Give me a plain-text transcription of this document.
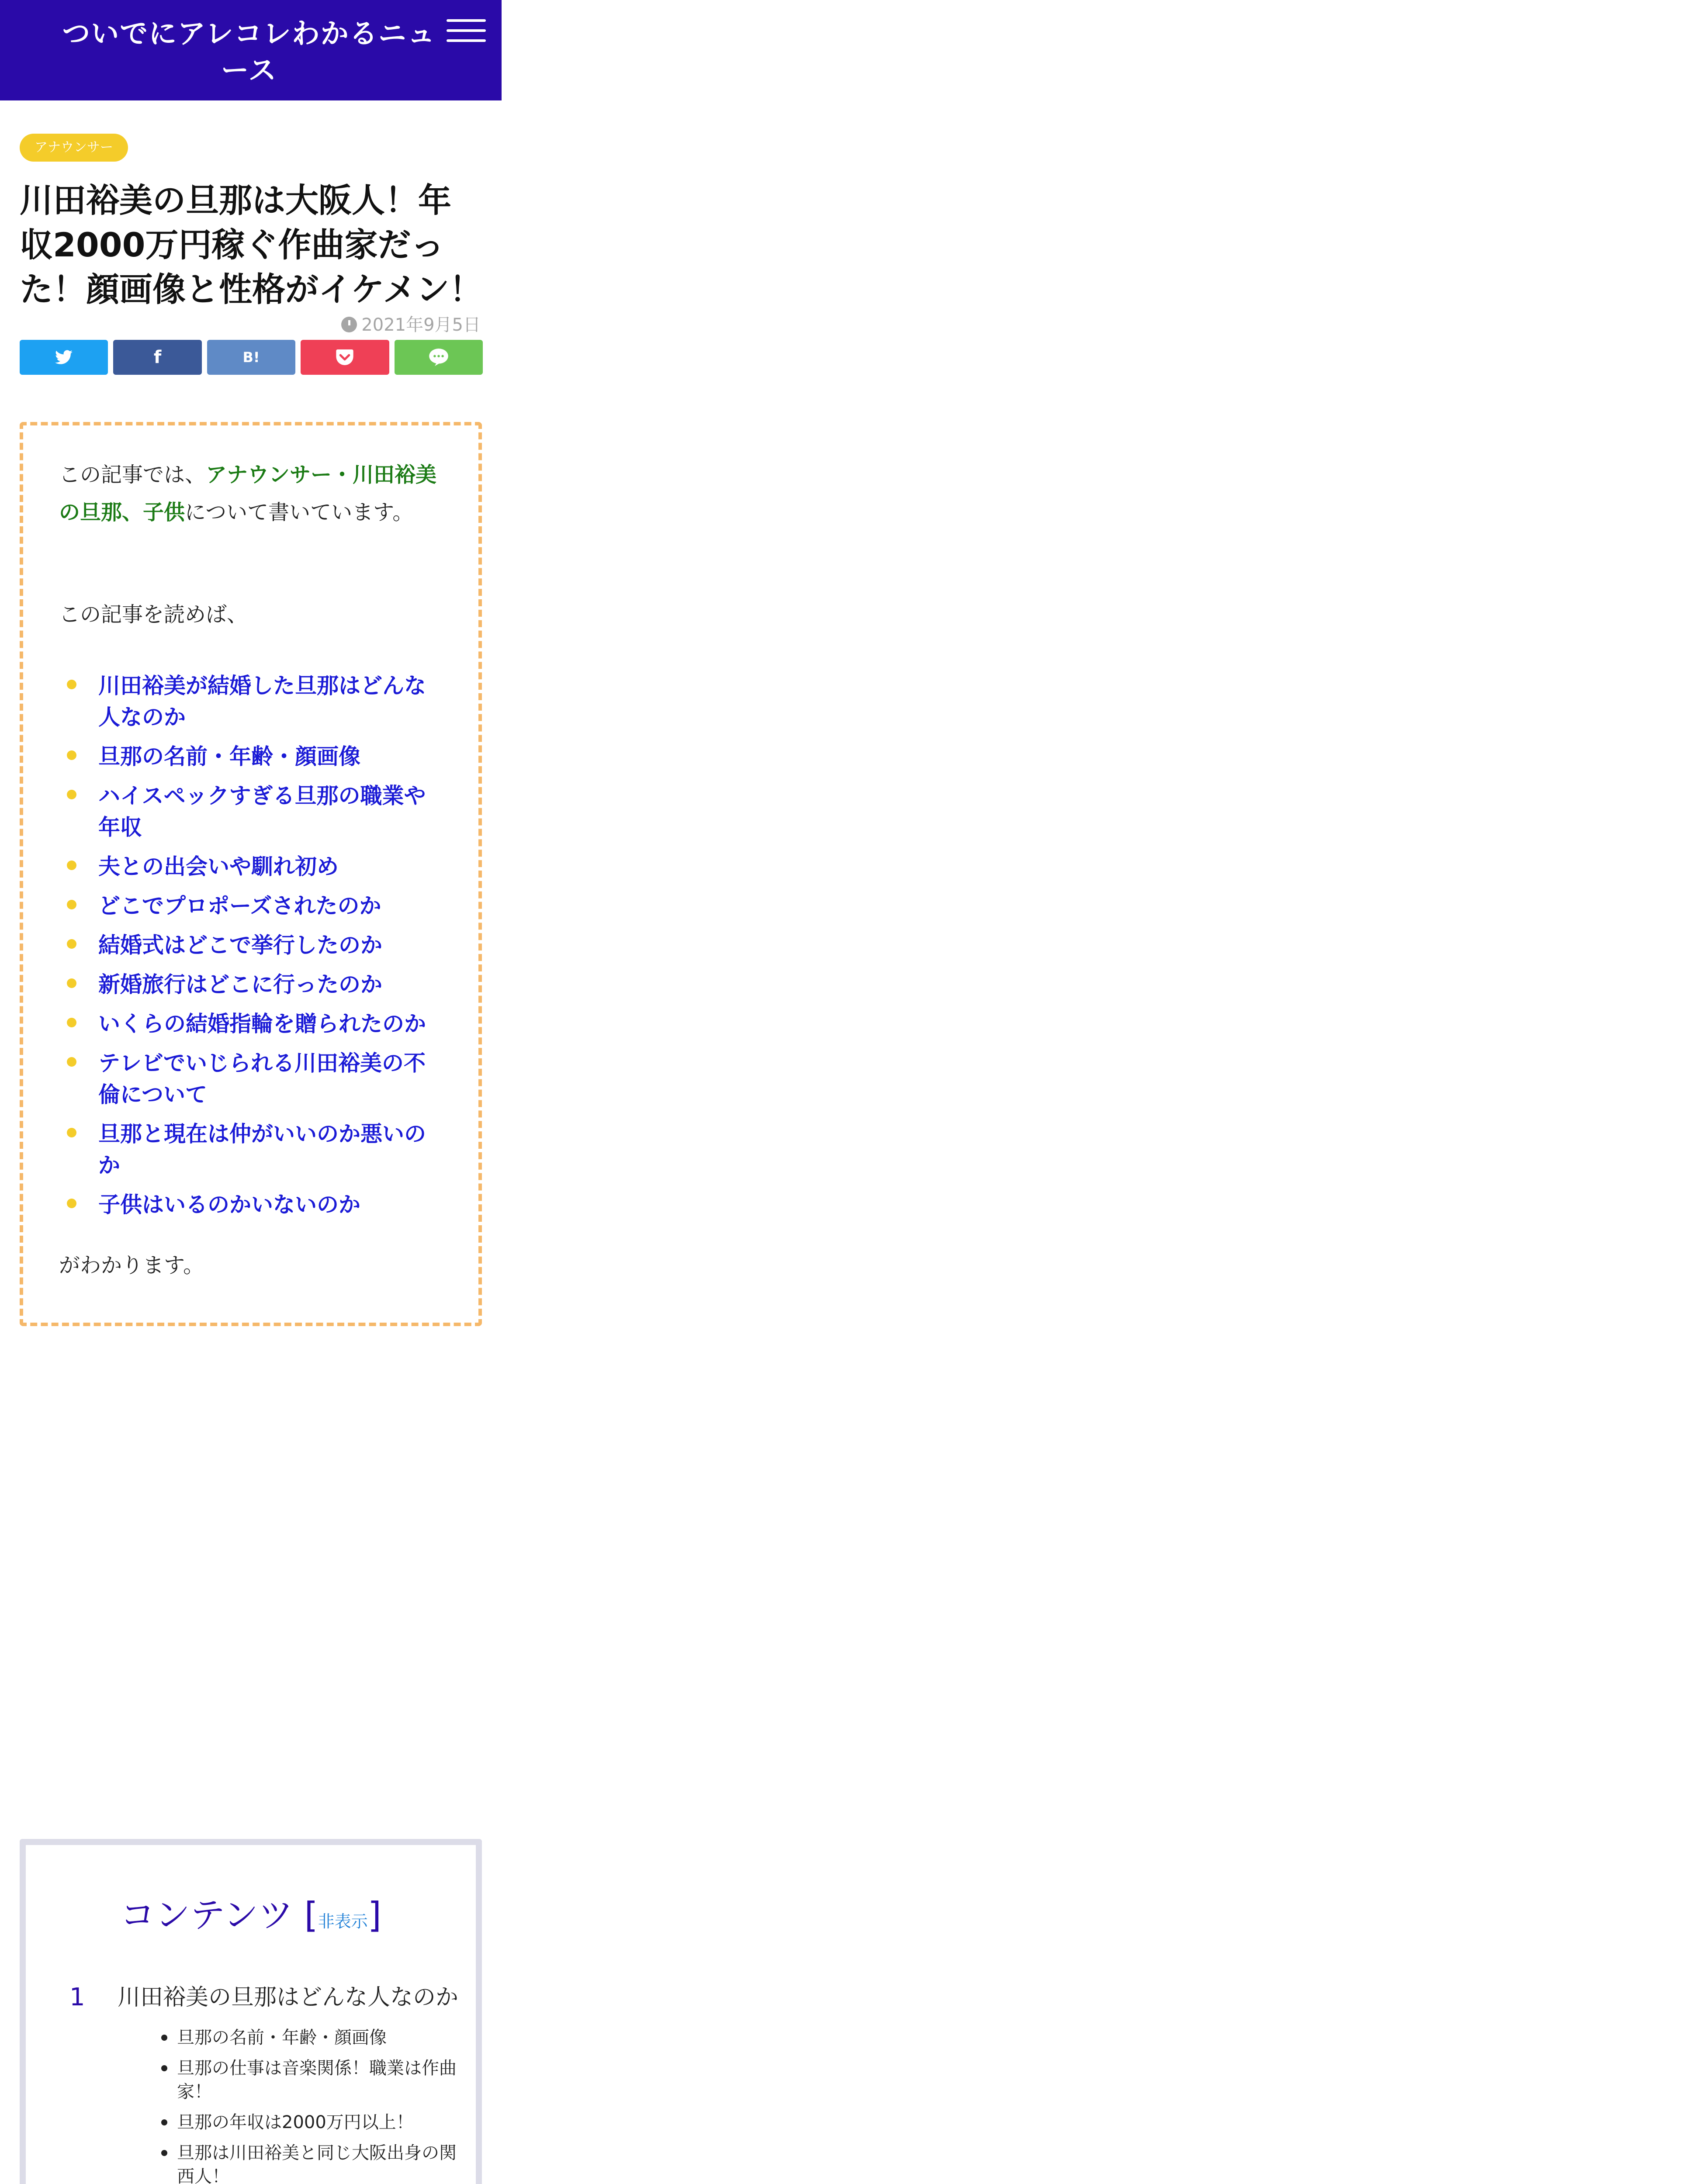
ついでにアレコレわかるニュース
アナウンサー
川田裕美の旦那は大阪人！年収2000万円稼ぐ作曲家だった！顔画像と性格がイケメン！
2021年9月5日
f	B!

この記事では、アナウンサー・川田裕美の旦那、子供について書いています。

この記事を読めば、

川田裕美が結婚した旦那はどんな人なのか
旦那の名前・年齢・顔画像
ハイスペックすぎる旦那の職業や年収
夫との出会いや馴れ初め
どこでプロポーズされたのか
結婚式はどこで挙行したのか
新婚旅行はどこに行ったのか
いくらの結婚指輪を贈られたのか
テレビでいじられる川田裕美の不倫について
旦那と現在は仲がいいのか悪いのか
子供はいるのかいないのか

がわかります。

コンテンツ [非表示]
1 川田裕美の旦那はどんな人なのか
旦那の名前・年齢・顔画像
旦那の仕事は音楽関係！職業は作曲家！
旦那の年収は2000万円以上！
旦那は川田裕美と同じ大阪出身の関西人！
